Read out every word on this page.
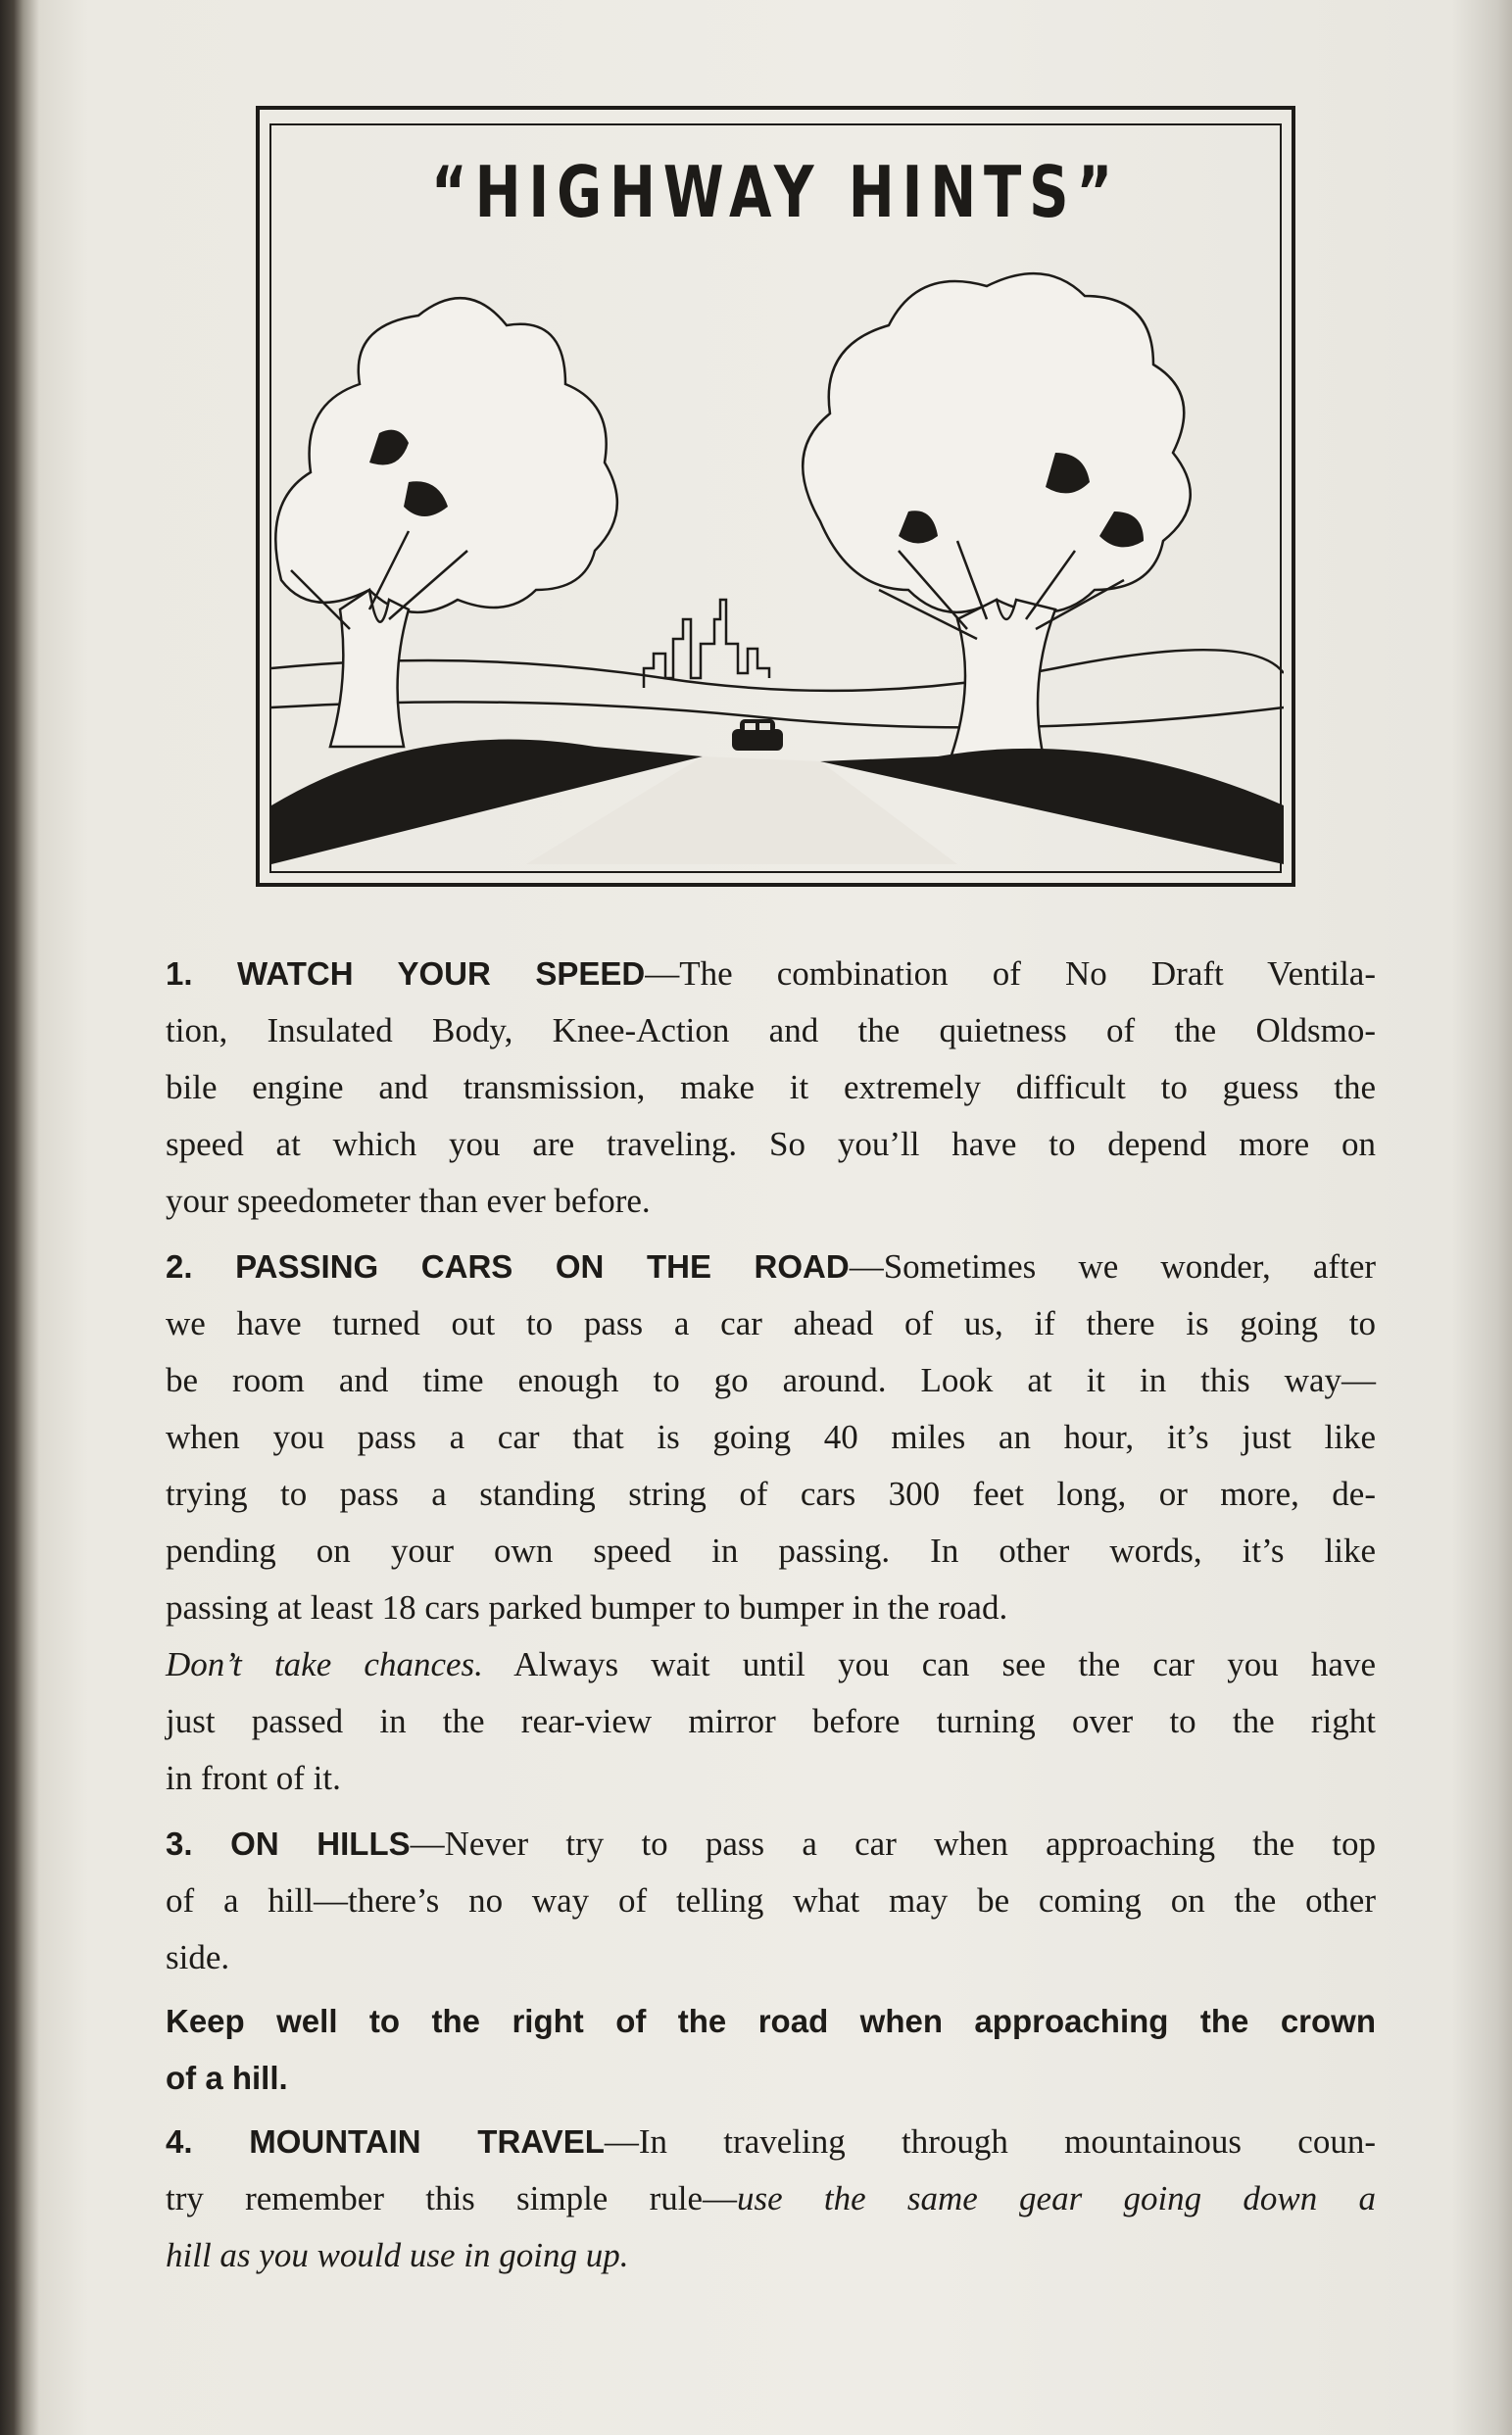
“HIGHWAY HINTS”
1. WATCH YOUR SPEED—The combination of No Draft Ventila-
tion, Insulated Body, Knee-Action and the quietness of the Oldsmo-
bile engine and transmission, make it extremely difficult to guess the
speed at which you are traveling. So you’ll have to depend more on
your speedometer than ever before.
2. PASSING CARS ON THE ROAD—Sometimes we wonder, after
we have turned out to pass a car ahead of us, if there is going to
be room and time enough to go around. Look at it in this way—
when you pass a car that is going 40 miles an hour, it’s just like
trying to pass a standing string of cars 300 feet long, or more, de-
pending on your own speed in passing. In other words, it’s like
passing at least 18 cars parked bumper to bumper in the road.
Don’t take chances. Always wait until you can see the car you have
just passed in the rear-view mirror before turning over to the right
in front of it.
3. ON HILLS—Never try to pass a car when approaching the top
of a hill—there’s no way of telling what may be coming on the other
side.
Keep well to the right of the road when approaching the crown
of a hill.
4. MOUNTAIN TRAVEL—In traveling through mountainous coun-
try remember this simple rule—use the same gear going down a
hill as you would use in going up.
